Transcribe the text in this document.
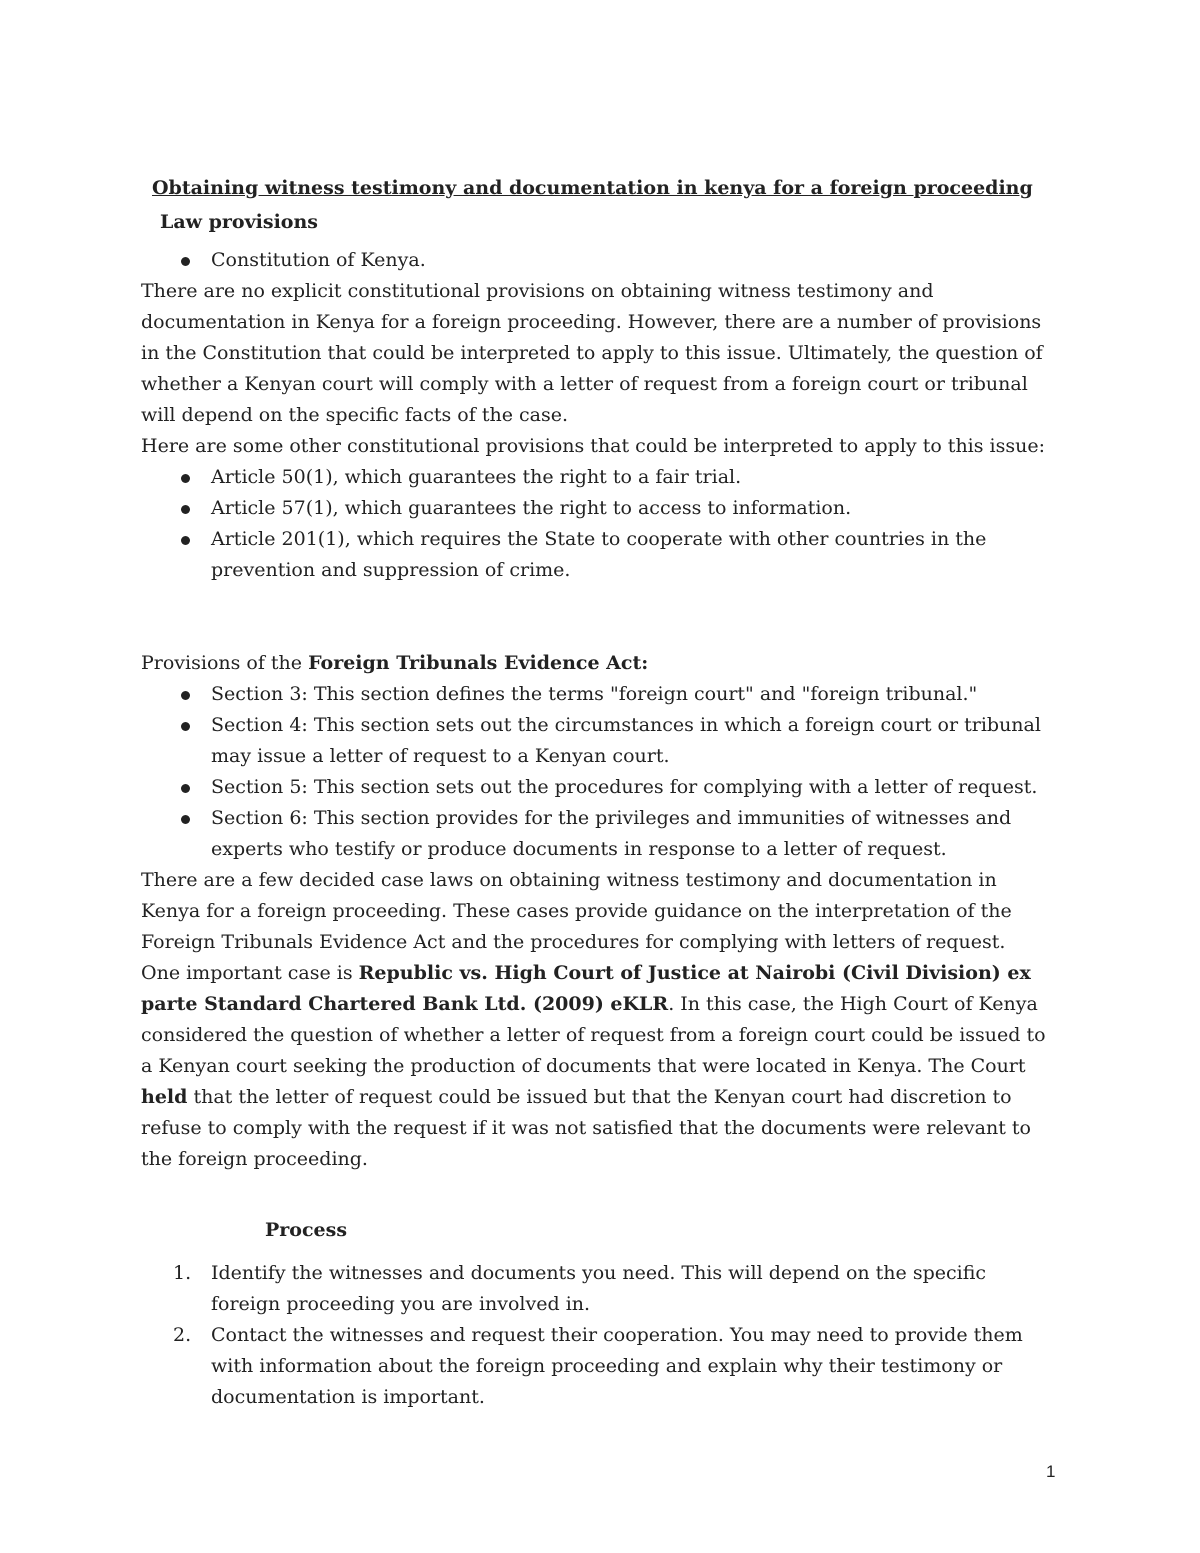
Obtaining witness testimony and documentation in kenya for a foreign proceeding
Law provisions
Constitution of Kenya.

There are no explicit constitutional provisions on obtaining witness testimony and documentation in Kenya for a foreign proceeding. However, there are a number of provisions in the Constitution that could be interpreted to apply to this issue. Ultimately, the question of whether a Kenyan court will comply with a letter of request from a foreign court or tribunal will depend on the specific facts of the case.

Here are some other constitutional provisions that could be interpreted to apply to this issue:

Article 50(1), which guarantees the right to a fair trial.
Article 57(1), which guarantees the right to access to information.
Article 201(1), which requires the State to cooperate with other countries in the prevention and suppression of crime.

Provisions of the Foreign Tribunals Evidence Act:

Section 3: This section defines the terms "foreign court" and "foreign tribunal."
Section 4: This section sets out the circumstances in which a foreign court or tribunal may issue a letter of request to a Kenyan court.
Section 5: This section sets out the procedures for complying with a letter of request.
Section 6: This section provides for the privileges and immunities of witnesses and experts who testify or produce documents in response to a letter of request.

There are a few decided case laws on obtaining witness testimony and documentation in Kenya for a foreign proceeding. These cases provide guidance on the interpretation of the Foreign Tribunals Evidence Act and the procedures for complying with letters of request.

One important case is Republic vs. High Court of Justice at Nairobi (Civil Division) ex parte Standard Chartered Bank Ltd. (2009) eKLR. In this case, the High Court of Kenya considered the question of whether a letter of request from a foreign court could be issued to a Kenyan court seeking the production of documents that were located in Kenya. The Court held that the letter of request could be issued but that the Kenyan court had discretion to refuse to comply with the request if it was not satisfied that the documents were relevant to the foreign proceeding.

Process
1. Identify the witnesses and documents you need. This will depend on the specific foreign proceeding you are involved in.
2. Contact the witnesses and request their cooperation. You may need to provide them with information about the foreign proceeding and explain why their testimony or documentation is important.
1
